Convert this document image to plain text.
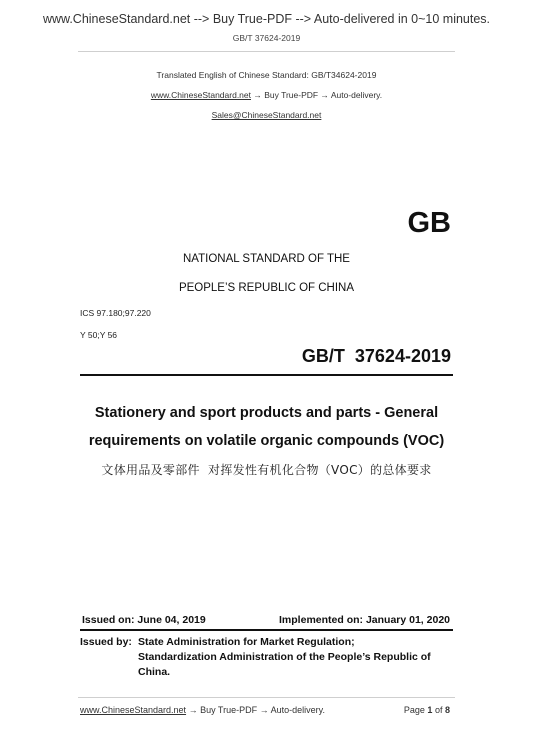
www.ChineseStandard.net --> Buy True-PDF --> Auto-delivered in 0~10 minutes.
GB/T 37624-2019
Translated English of Chinese Standard: GB/T34624-2019
www.ChineseStandard.net → Buy True-PDF → Auto-delivery.
Sales@ChineseStandard.net
GB
NATIONAL STANDARD OF THE
PEOPLE’S REPUBLIC OF CHINA
ICS 97.180;97.220
Y 50;Y 56
GB/T  37624-2019
Stationery and sport products and parts - General
requirements on volatile organic compounds (VOC)
文体用品及零部件  对挥发性有机化合物（VOC）的总体要求
Issued on: June 04, 2019	Implemented on: January 01, 2020
Issued by: State Administration for Market Regulation;
Standardization Administration of the People’s Republic of
China.
www.ChineseStandard.net → Buy True-PDF → Auto-delivery.	Page 1 of 8
